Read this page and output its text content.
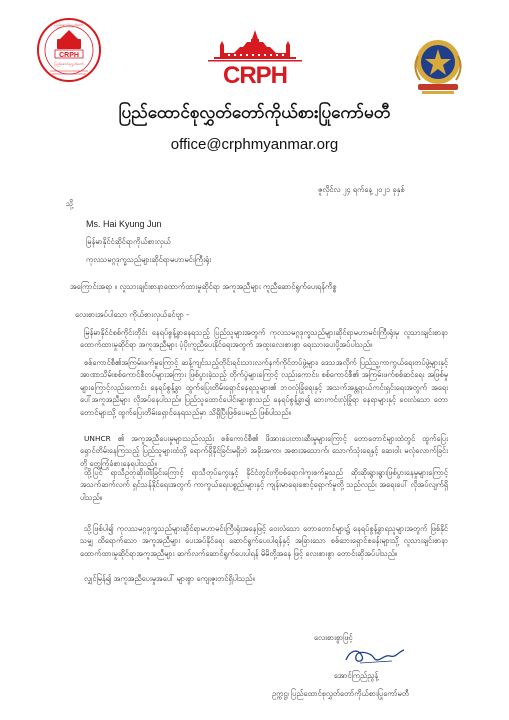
CRPH
ပြည်ထောင်စုလွှတ်တော်
ပြည်ထောင်စုလွှတ်တော်	CRPH
ပြည်ထောင်စုလွှတ်တော်ကိုယ်စားပြုကော်မတီ
office@crphmyanmar.org
ဇူလိုင်လ ၂၄ ရက်နေ့ ၂၀၂၁ ခုနှစ်
သို့
Ms. Hai Kyung Jun
မြန်မာနိုင်ငံဆိုင်ရာကိုယ်စားလှယ်
ကုလသမဂ္ဂဒုက္ခသည်များဆိုင်ရာမဟာမင်းကြီးရုံး
အကြောင်းအရာ ။ လူသားချင်းစာနာထောက်ထားမှုဆိုင်ရာ အကူအညီများ ကူညီဆောင်ရွက်ပေးရန်ကိစ္စ
လေးစားအပ်ပါသော ကိုယ်စားလှယ်ခင်ဗျာ -
မြန်မာနိုင်ငံစစ်ကိုင်းတိုင်း နေရပ်စွန့်ခွာနေရသည့် ပြည်သူများအတွက် ကုလသမဂ္ဂဒုက္ခသည်များဆိုင်ရာမဟာမင်းကြီးရုံးမှ လူသားချင်းစာနာထောက်ထားမှုဆိုင်ရာ အကူအညီများ ပံ့ပိုးကူညီပေးနိုင်ရေးအတွက် အထူးလေးစားစွာ ရေးသားပေးပို့အပ်ပါသည်။
စစ်ကောင်စီ၏အကြမ်းဖက်မှုကြောင့် ဆန့်ကျင်သည့်တိုင်းရင်းသားလက်နက်ကိုင်တပ်ဖွဲ့များ၊ ဒေသအလိုက် ပြည်သူ့ကာကွယ်ရေးတပ်ဖွဲ့များနှင့် အာဏာသိမ်းစစ်ကောင်စီတပ်များအကြား ဖြစ်ပွားခဲ့သည့် တိုက်ပွဲများကြောင့် လည်းကောင်း၊ စစ်ကောင်စီ၏ အကြမ်းဖက်စစ်ဆင်ရေး အဖြစ်မှုများကြောင့်လည်းကောင်း နေရပ်စွန့်ခွာ ထွက်ပြေးတိမ်းရှောင်နေရသူများ၏ ဘဝလုံခြုံရေးနှင့် အသက်အန္တရာယ်ကင်းရှင်းရေးအတွက် အရေးပေါ်အကူအညီများ လိုအပ်နေပါသည်။ ပြည်သူထောင်ပေါင်းများစွာသည် နေရပ်စွန့်ခွာ၍ ဘေးကင်းလုံခြုံရာ နေရာများနှင့် ဝေးလံသော တောတောင်များသို့ ထွက်ပြေးတိမ်းရှောင်နေရသည်မှာ သိရှိပြီးဖြစ်ပေမည် ဖြစ်ပါသည်။
UNHCR ၏ အကူအညီပေးမှုများသည်လည်း စစ်ကောင်စီ၏ ဖိအားပေးတားဆီးမှုများကြောင့် တောတောင်များထဲတွင် ထွက်ပြေးရှောင်တိမ်းနေကြသည့် ပြည်သူများထံသို့ ရောက်ရှိနိုင်ခြင်းမရှိဘဲ အခိုးအကာ၊ အစားအသောက်၊ သောက်သုံးရေနှင့် ဆေးဝါး မလုံလောက်ခြင်းတို့ တွေ့ကြုံခံစားနေရပါသည်။
ထို့ပြင် ရာသီဥတုဆိုးဝါးခြင်းကြောင့် ရာသီတုပ်ကွေးနှင့် နိုင်ငံတွင်းကိုဗစ်ရောဂါကူးစက်မှုသည် ဆိုးဆိုးရွားရွားဖြစ်ပွားနေမှုများကြောင့် အသက်ဆက်လက် ရှင်သန်နိုင်ရေးအတွက် ကာကွယ်ရေးပစ္စည်းများနှင့် ကျန်းမာရေးစောင့်ရှောက်မှုတို့ သည်လည်း အရေးပေါ် လိုအပ်လျက်ရှိပါသည်။
သို့ဖြစ်ပါ၍ ကုလသမဂ္ဂဒုက္ခသည်များဆိုင်ရာမဟာမင်းကြီးရုံးအနေဖြင့် ဝေးလံသော တောတောင်များ၌ နေရပ်စွန့်ခွာရသူများအတွက် ဖြစ်နိုင်သမျှ ထိရောက်သော အကူအညီများ ပေးအပ်နိုင်ရေး ဆောင်ရွက်ပေးပါရန်နှင့် အခြားသော စစ်ဘေးရှောင်စခန်းများသို့ လူသားချင်းစာနာထောက်ထားမှုဆိုင်ရာအကူအညီများ ဆက်လက်ဆောင်ရွက်ပေးပါရန် မိမိတို့အနေ ဖြင့် လေးစားစွာ တောင်းဆိုအပ်ပါသည်။
လျှင်မြန်၍ အကူအညီပေးမှုအပေါ် များစွာ ကျေးဇူးတင်ရှိပါသည်။
လေးစားစွာဖြင့်
အောင်ကြည်ညွန့်
ဥက္ကဋ္ဌ၊ ပြည်ထောင်စုလွှတ်တော်ကိုယ်စားပြုကော်မတီ
